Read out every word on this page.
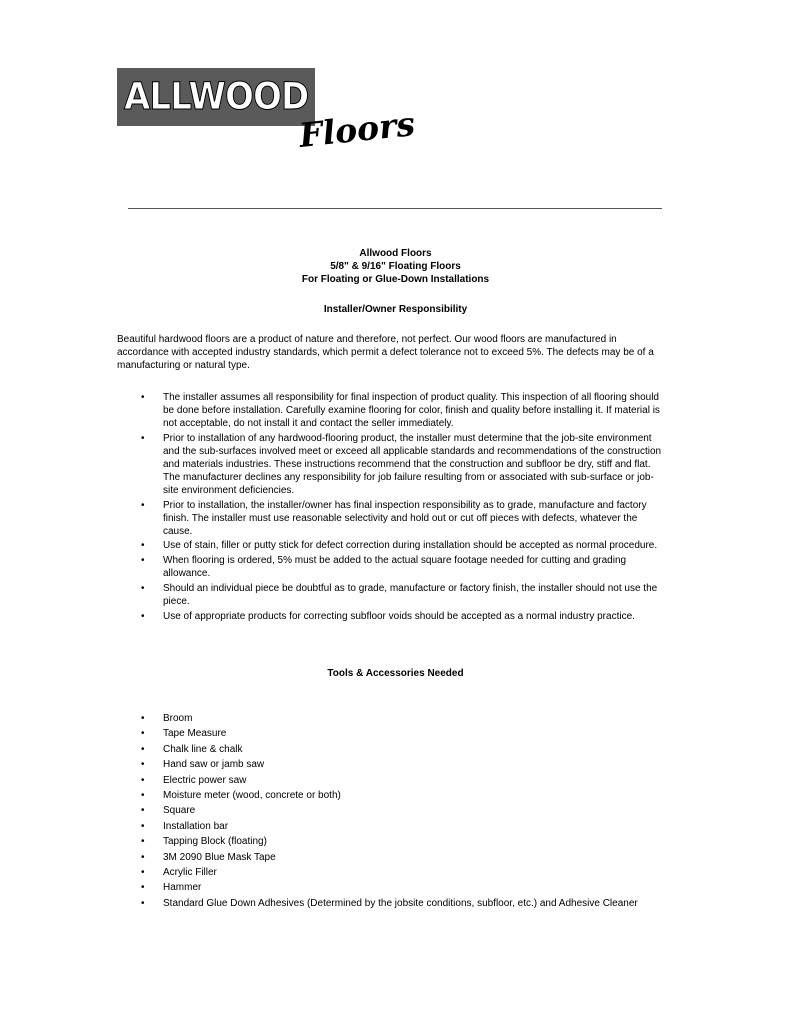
ALLWOOD
Floors
Allwood Floors
5/8" & 9/16" Floating Floors
For Floating or Glue-Down Installations
Installer/Owner Responsibility

Beautiful hardwood floors are a product of nature and therefore, not perfect. Our wood floors are manufactured in accordance with accepted industry standards, which permit a defect tolerance not to exceed 5%. The defects may be of a manufacturing or natural type.

• The installer assumes all responsibility for final inspection of product quality. This inspection of all flooring should be done before installation. Carefully examine flooring for color, finish and quality before installing it. If material is not acceptable, do not install it and contact the seller immediately.
• Prior to installation of any hardwood-flooring product, the installer must determine that the job-site environment and the sub-surfaces involved meet or exceed all applicable standards and recommendations of the construction and materials industries. These instructions recommend that the construction and subfloor be dry, stiff and flat. The manufacturer declines any responsibility for job failure resulting from or associated with sub-surface or job-site environment deficiencies.
• Prior to installation, the installer/owner has final inspection responsibility as to grade, manufacture and factory finish. The installer must use reasonable selectivity and hold out or cut off pieces with defects, whatever the cause.
• Use of stain, filler or putty stick for defect correction during installation should be accepted as normal procedure.
• When flooring is ordered, 5% must be added to the actual square footage needed for cutting and grading allowance.
• Should an individual piece be doubtful as to grade, manufacture or factory finish, the installer should not use the piece.
• Use of appropriate products for correcting subfloor voids should be accepted as a normal industry practice.
Tools & Accessories Needed
• Broom
• Tape Measure
• Chalk line & chalk
• Hand saw or jamb saw
• Electric power saw
• Moisture meter (wood, concrete or both)
• Square
• Installation bar
• Tapping Block (floating)
• 3M 2090 Blue Mask Tape
• Acrylic Filler
• Hammer
• Standard Glue Down Adhesives (Determined by the jobsite conditions, subfloor, etc.) and Adhesive Cleaner
